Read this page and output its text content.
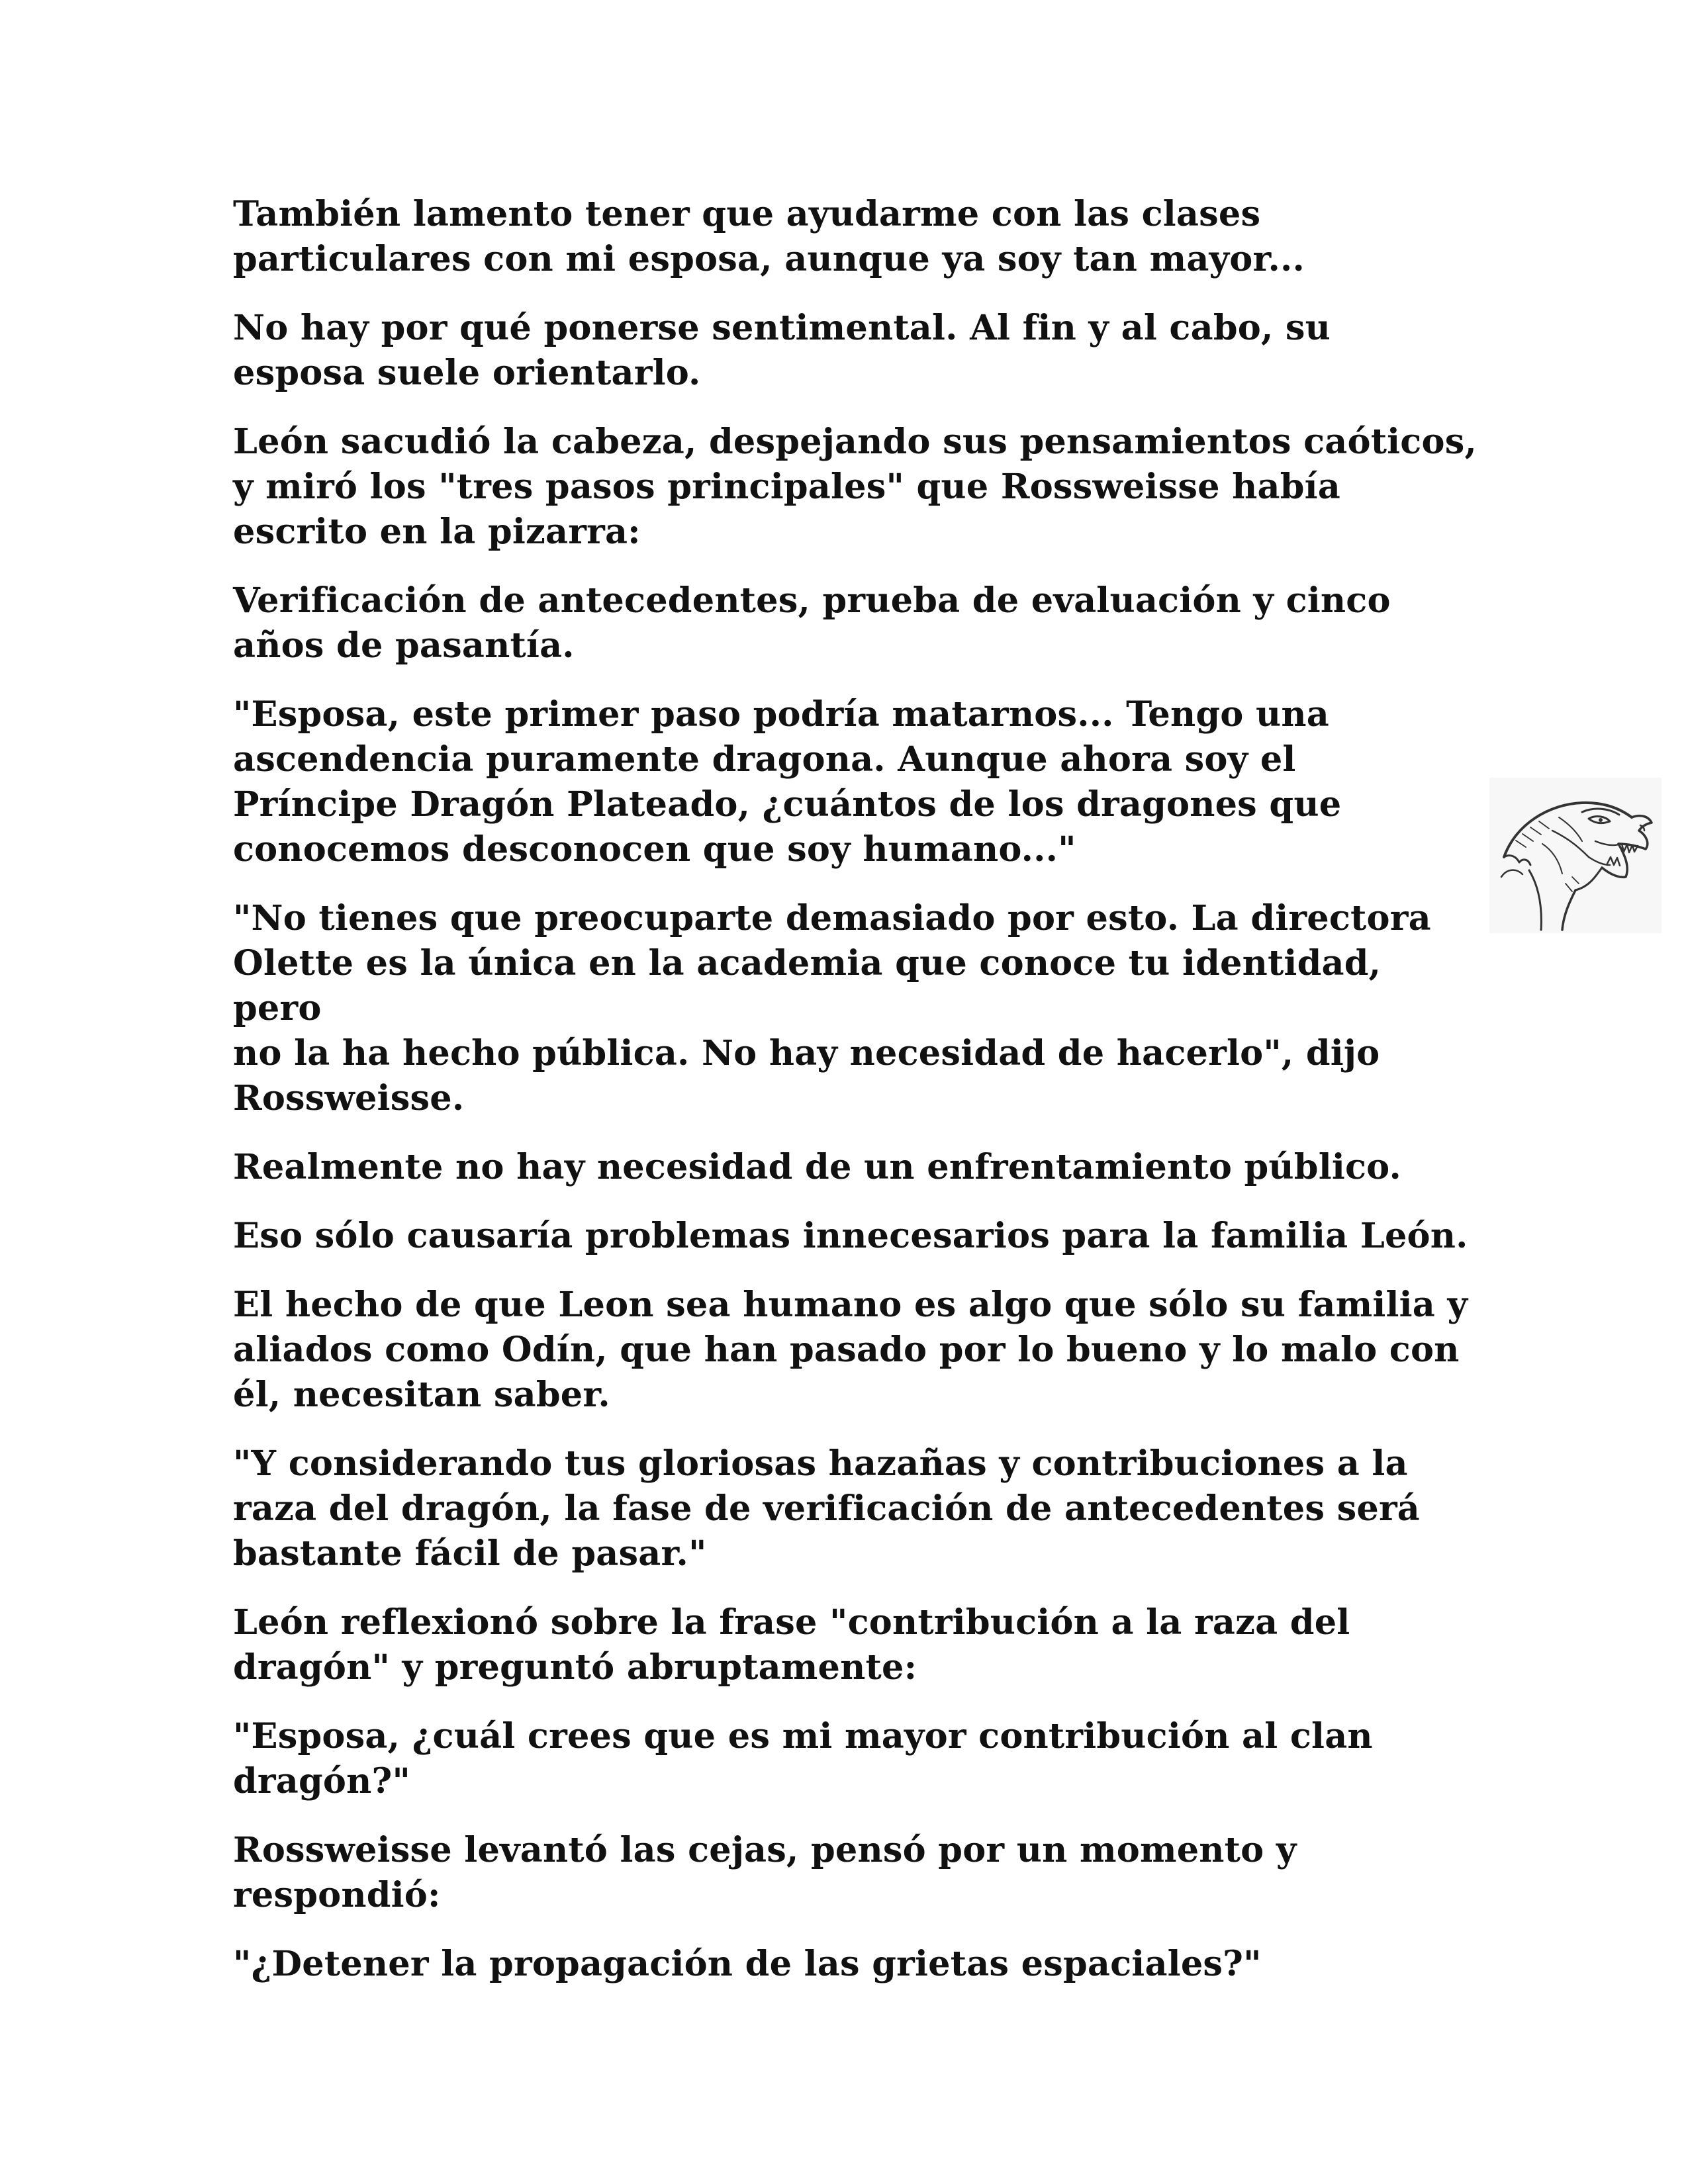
También lamento tener que ayudarme con las clases
particulares con mi esposa, aunque ya soy tan mayor...

No hay por qué ponerse sentimental. Al fin y al cabo, su
esposa suele orientarlo.

León sacudió la cabeza, despejando sus pensamientos caóticos,
y miró los "tres pasos principales" que Rossweisse había
escrito en la pizarra:

Verificación de antecedentes, prueba de evaluación y cinco
años de pasantía.

"Esposa, este primer paso podría matarnos... Tengo una
ascendencia puramente dragona. Aunque ahora soy el
Príncipe Dragón Plateado, ¿cuántos de los dragones que
conocemos desconocen que soy humano..."

"No tienes que preocuparte demasiado por esto. La directora
Olette es la única en la academia que conoce tu identidad, pero
no la ha hecho pública. No hay necesidad de hacerlo", dijo
Rossweisse.

Realmente no hay necesidad de un enfrentamiento público.

Eso sólo causaría problemas innecesarios para la familia León.

El hecho de que Leon sea humano es algo que sólo su familia y
aliados como Odín, que han pasado por lo bueno y lo malo con
él, necesitan saber.

"Y considerando tus gloriosas hazañas y contribuciones a la
raza del dragón, la fase de verificación de antecedentes será
bastante fácil de pasar."

León reflexionó sobre la frase "contribución a la raza del
dragón" y preguntó abruptamente:

"Esposa, ¿cuál crees que es mi mayor contribución al clan
dragón?"

Rossweisse levantó las cejas, pensó por un momento y
respondió:

"¿Detener la propagación de las grietas espaciales?"
